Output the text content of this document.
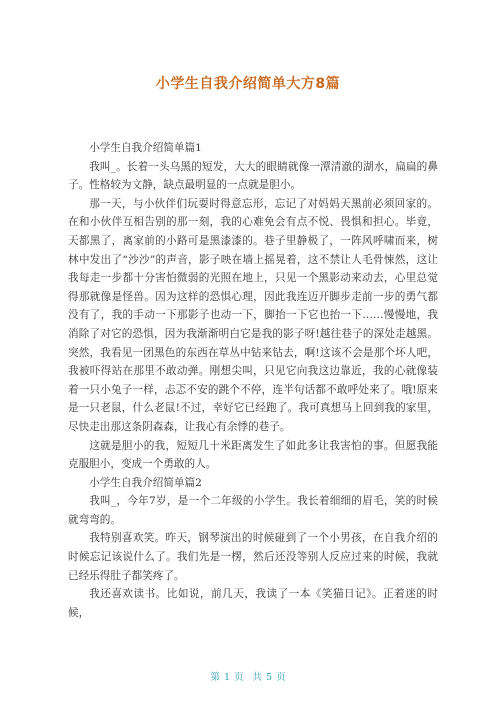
小学生自我介绍简单大方8篇

小学生自我介绍简单篇1

我叫_。长着一头乌黑的短发，大大的眼睛就像一潭清澈的湖水，扁扁的鼻子。性格较为文静，缺点最明显的一点就是胆小。

那一天，与小伙伴们玩耍时得意忘形，忘记了对妈妈天黑前必须回家的。在和小伙伴互相告别的那一刻，我的心难免会有点不悦、畏惧和担心。毕竟，天都黑了，离家前的小路可是黑漆漆的。巷子里静极了，一阵风呼啸而来，树林中发出了“沙沙”的声音，影子映在墙上摇晃着，这不禁让人毛骨悚然，这让我每走一步都十分害怕微弱的光照在地上，只见一个黑影动来动去，心里总觉得那就像是怪兽。因为这样的恐惧心理，因此我连迈开脚步走前一步的勇气都没有了，我的手动一下那影子也动一下，脚抬一下它也抬一下……慢慢地，我消除了对它的恐惧，因为我渐渐明白它是我的影子呀!越往巷子的深处走越黑。突然，我看见一团黑色的东西在草丛中钻来钻去，啊!这该不会是那个坏人吧，我被吓得站在那里不敢动弹。刚想尖叫，只见它向我这边靠近，我的心就像装着一只小兔子一样，忐忑不安的跳个不停，连半句话都不敢呼处来了。哦!原来是一只老鼠，什么老鼠!不过，幸好它已经跑了。我可真想马上回到我的家里，尽快走出那这条阴森森，让我心有余悸的巷子。

这就是胆小的我，短短几十米距离发生了如此多让我害怕的事。但愿我能克服胆小，变成一个勇敢的人。

小学生自我介绍简单篇2

我叫_，今年7岁，是一个二年级的小学生。我长着细细的眉毛，笑的时候就弯弯的。

我特别喜欢笑。昨天，钢琴演出的时候碰到了一个小男孩，在自我介绍的时候忘记该说什么了。我们先是一楞，然后还没等别人反应过来的时候，我就已经乐得肚子都笑疼了。

我还喜欢读书。比如说，前几天，我读了一本《笑猫日记》。正着迷的时候，

第 1 页 共 5 页
